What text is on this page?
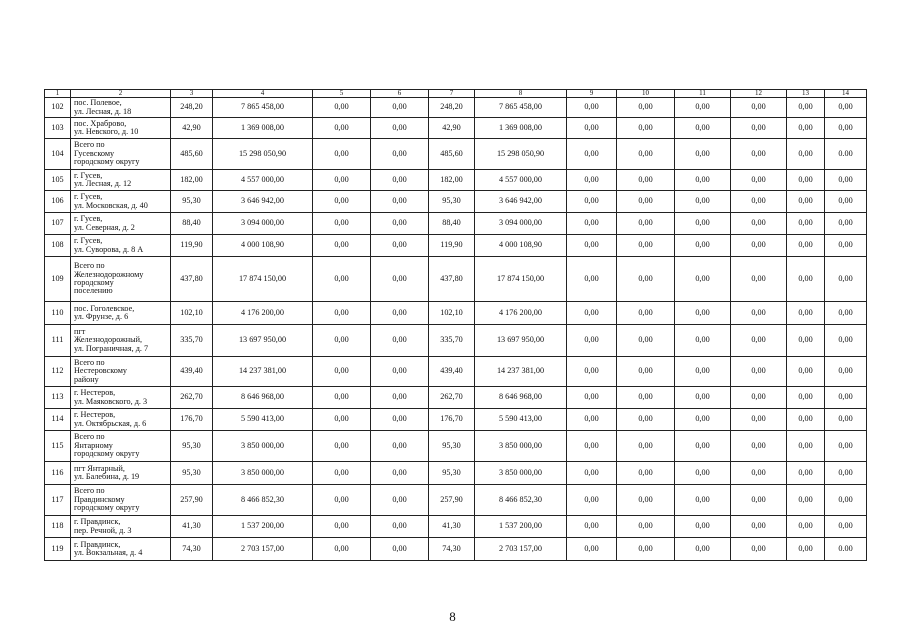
1	2	3	4	5	6	7	8	9	10	11	12	13	14
102	пос. Полевое,
ул. Лесная, д. 18	248,20	7 865 458,00	0,00	0,00	248,20	7 865 458,00	0,00	0,00	0,00	0,00	0,00	0,00
103	пос. Храброво,
ул. Невского, д. 10	42,90	1 369 008,00	0,00	0,00	42,90	1 369 008,00	0,00	0,00	0,00	0,00	0,00	0,00
104	Всего по
Гусевскому
городскому округу	485,60	15 298 050,90	0,00	0,00	485,60	15 298 050,90	0,00	0,00	0,00	0,00	0,00	0.00
105	г. Гусев,
ул. Лесная, д. 12	182,00	4 557 000,00	0,00	0,00	182,00	4 557 000,00	0,00	0,00	0,00	0,00	0,00	0,00
106	г. Гусев,
ул. Московская, д. 40	95,30	3 646 942,00	0,00	0,00	95,30	3 646 942,00	0,00	0,00	0,00	0,00	0,00	0,00
107	г. Гусев,
ул. Северная, д. 2	88,40	3 094 000,00	0,00	0,00	88,40	3 094 000,00	0,00	0,00	0,00	0,00	0,00	0,00
108	г. Гусев,
ул. Суворова, д. 8 А	119,90	4 000 108,90	0,00	0,00	119,90	4 000 108,90	0,00	0,00	0,00	0,00	0,00	0,00
109	Всего по
Железнодорожному
городскому
поселению	437,80	17 874 150,00	0,00	0,00	437,80	17 874 150,00	0,00	0,00	0,00	0,00	0,00	0,00
110	пос. Гоголевское,
ул. Фрунзе, д. 6	102,10	4 176 200,00	0,00	0,00	102,10	4 176 200,00	0,00	0,00	0,00	0,00	0,00	0,00
111	пгт
Железнодорожный,
ул. Пограничная, д. 7	335,70	13 697 950,00	0,00	0,00	335,70	13 697 950,00	0,00	0,00	0,00	0,00	0,00	0,00
112	Всего по
Нестеровскому
району	439,40	14 237 381,00	0,00	0,00	439,40	14 237 381,00	0,00	0,00	0,00	0,00	0,00	0,00
113	г. Нестеров,
ул. Маяковского, д. 3	262,70	8 646 968,00	0,00	0,00	262,70	8 646 968,00	0,00	0,00	0,00	0,00	0,00	0,00
114	г. Нестеров,
ул. Октябрьская, д. 6	176,70	5 590 413,00	0,00	0,00	176,70	5 590 413,00	0,00	0,00	0,00	0,00	0,00	0,00
115	Всего по
Янтарному
городскому округу	95,30	3 850 000,00	0,00	0,00	95,30	3 850 000,00	0,00	0,00	0,00	0,00	0,00	0,00
116	пгт Янтарный,
ул. Балебина, д. 19	95,30	3 850 000,00	0,00	0,00	95,30	3 850 000,00	0,00	0,00	0,00	0,00	0,00	0,00
117	Всего по
Правдинскому
городскому округу	257,90	8 466 852,30	0,00	0,00	257,90	8 466 852,30	0,00	0,00	0,00	0,00	0,00	0,00
118	г. Правдинск,
пер. Речной, д. 3	41,30	1 537 200,00	0,00	0,00	41,30	1 537 200,00	0,00	0,00	0,00	0,00	0,00	0,00
119	г. Правдинск,
ул. Вокзальная, д. 4	74,30	2 703 157,00	0,00	0,00	74,30	2 703 157,00	0,00	0,00	0,00	0,00	0,00	0.00
8
